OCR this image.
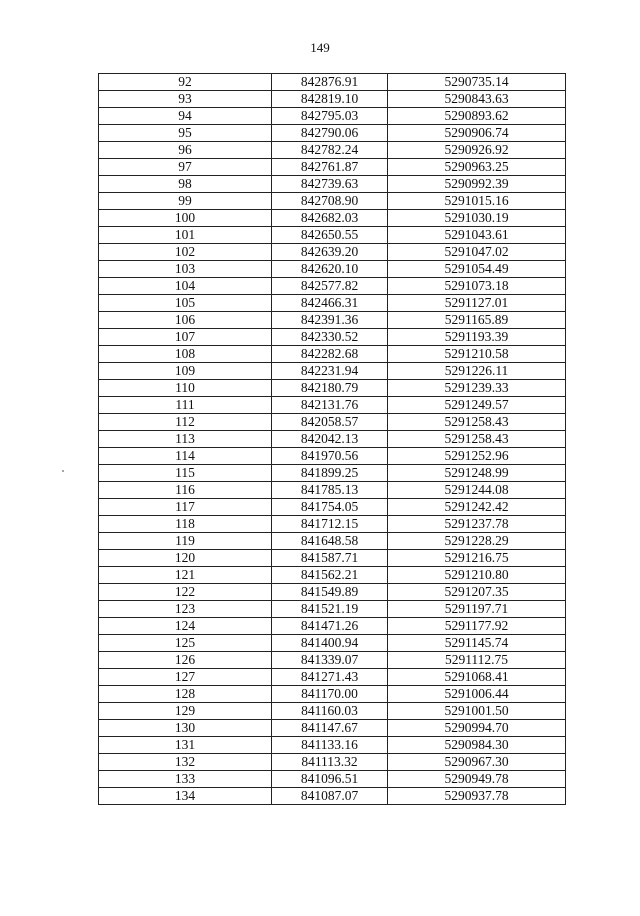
149
92	842876.91	5290735.14
93	842819.10	5290843.63
94	842795.03	5290893.62
95	842790.06	5290906.74
96	842782.24	5290926.92
97	842761.87	5290963.25
98	842739.63	5290992.39
99	842708.90	5291015.16
100	842682.03	5291030.19
101	842650.55	5291043.61
102	842639.20	5291047.02
103	842620.10	5291054.49
104	842577.82	5291073.18
105	842466.31	5291127.01
106	842391.36	5291165.89
107	842330.52	5291193.39
108	842282.68	5291210.58
109	842231.94	5291226.11
110	842180.79	5291239.33
111	842131.76	5291249.57
112	842058.57	5291258.43
113	842042.13	5291258.43
114	841970.56	5291252.96
115	841899.25	5291248.99
116	841785.13	5291244.08
117	841754.05	5291242.42
118	841712.15	5291237.78
119	841648.58	5291228.29
120	841587.71	5291216.75
121	841562.21	5291210.80
122	841549.89	5291207.35
123	841521.19	5291197.71
124	841471.26	5291177.92
125	841400.94	5291145.74
126	841339.07	5291112.75
127	841271.43	5291068.41
128	841170.00	5291006.44
129	841160.03	5291001.50
130	841147.67	5290994.70
131	841133.16	5290984.30
132	841113.32	5290967.30
133	841096.51	5290949.78
134	841087.07	5290937.78
